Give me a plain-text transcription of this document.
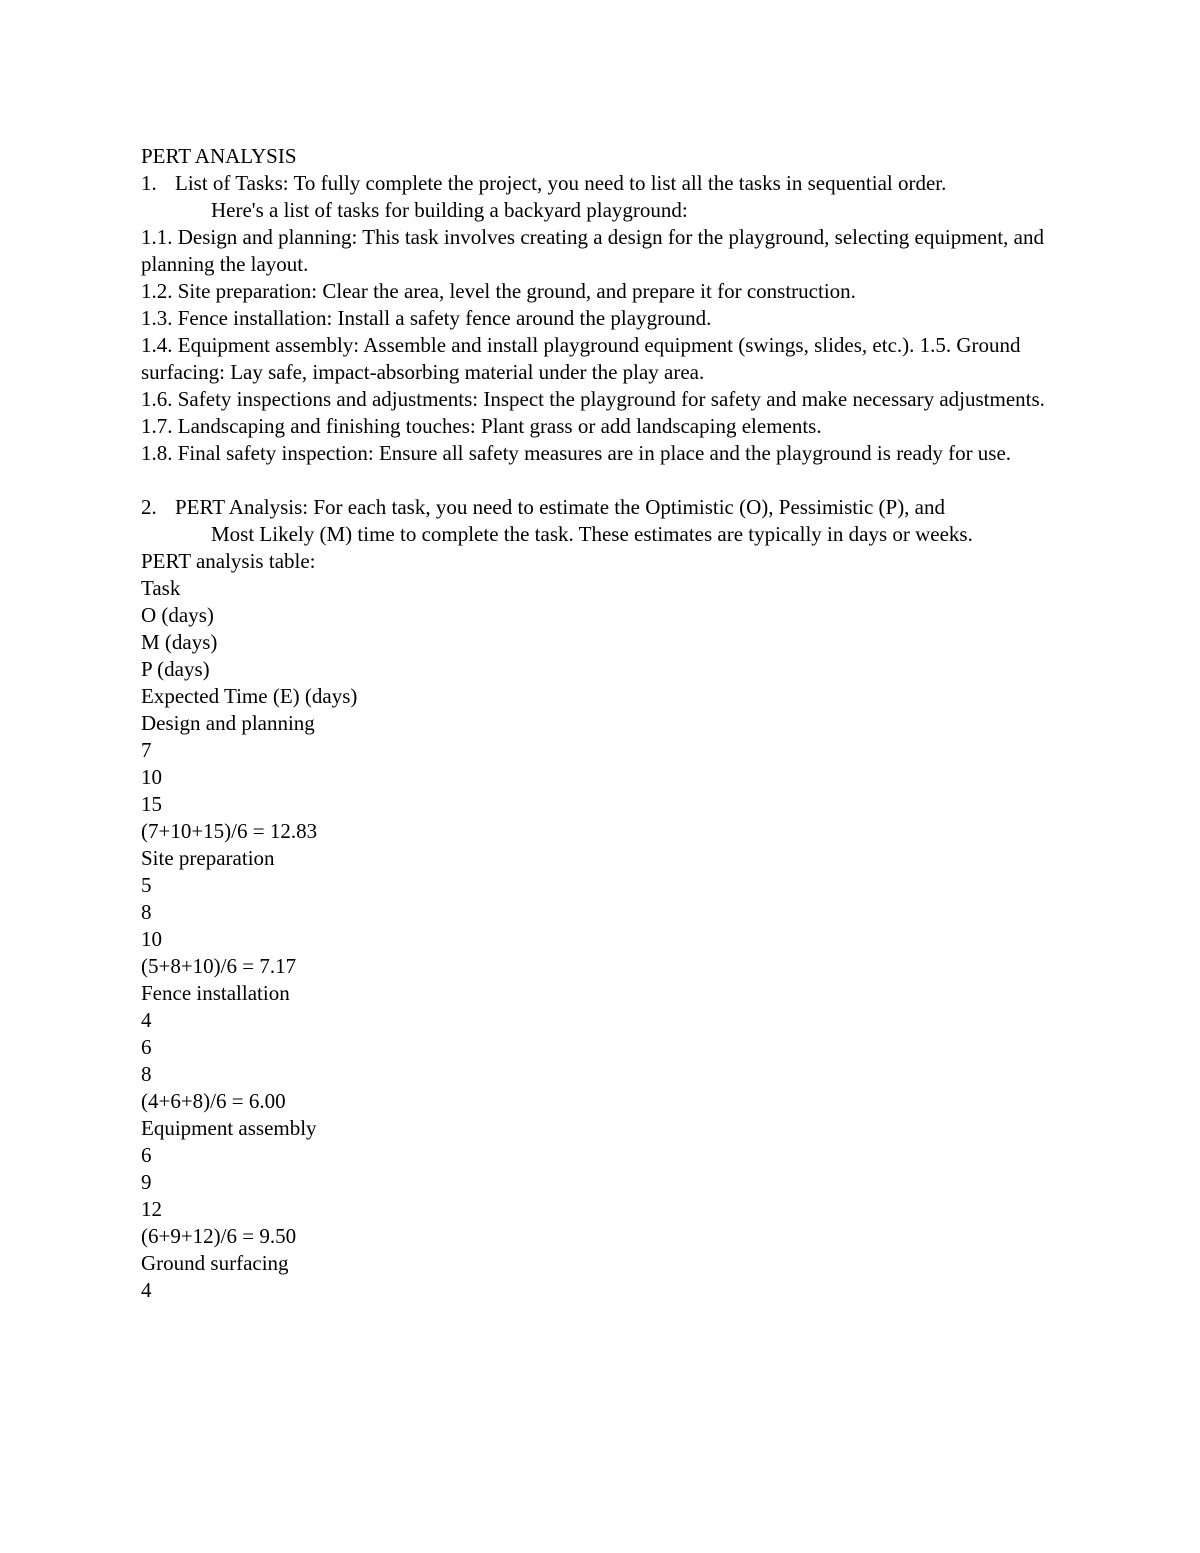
PERT ANALYSIS

1. List of Tasks: To fully complete the project, you need to list all the tasks in sequential order.
Here's a list of tasks for building a backyard playground:

1.1. Design and planning: This task involves creating a design for the playground, selecting equipment, and planning the layout.

1.2. Site preparation: Clear the area, level the ground, and prepare it for construction.

1.3. Fence installation: Install a safety fence around the playground.

1.4. Equipment assembly: Assemble and install playground equipment (swings, slides, etc.). 1.5. Ground surfacing: Lay safe, impact-absorbing material under the play area.

1.6. Safety inspections and adjustments: Inspect the playground for safety and make necessary adjustments.

1.7. Landscaping and finishing touches: Plant grass or add landscaping elements.

1.8. Final safety inspection: Ensure all safety measures are in place and the playground is ready for use.

2. PERT Analysis: For each task, you need to estimate the Optimistic (O), Pessimistic (P), and
Most Likely (M) time to complete the task. These estimates are typically in days or weeks.

PERT analysis table:

Task

O (days)

M (days)

P (days)

Expected Time (E) (days)

Design and planning

7

10

15

(7+10+15)/6 = 12.83

Site preparation

5

8

10

(5+8+10)/6 = 7.17

Fence installation

4

6

8

(4+6+8)/6 = 6.00

Equipment assembly

6

9

12

(6+9+12)/6 = 9.50

Ground surfacing

4
